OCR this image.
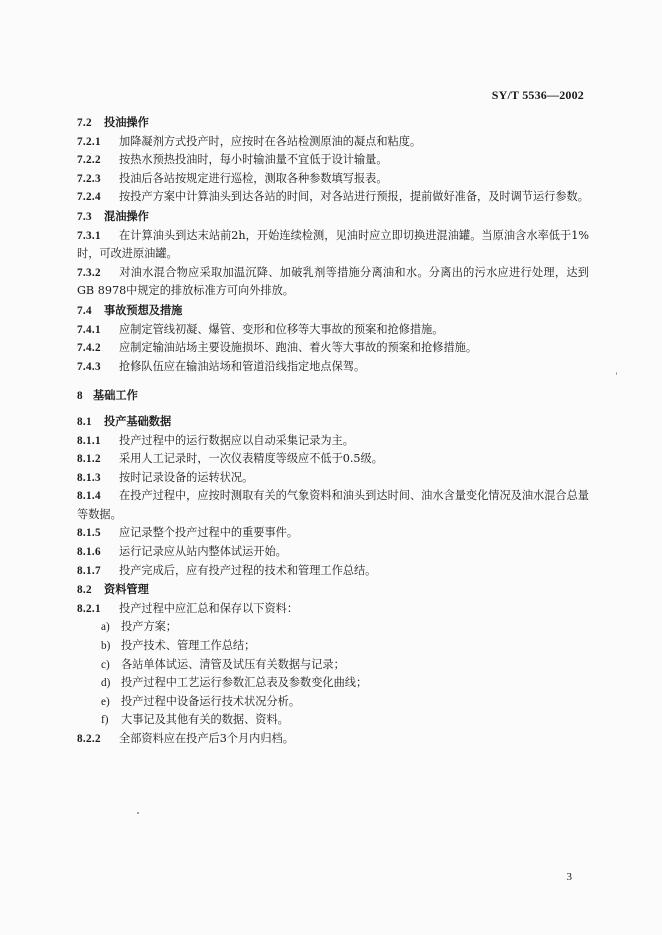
SY/T 5536—2002
7.2 投油操作
7.2.1 加降凝剂方式投产时，应按时在各站检测原油的凝点和粘度。
7.2.2 按热水预热投油时，每小时输油量不宜低于设计输量。
7.2.3 投油后各站按规定进行巡检，测取各种参数填写报表。
7.2.4 按投产方案中计算油头到达各站的时间，对各站进行预报，提前做好准备，及时调节运行参数。
7.3 混油操作
7.3.1 在计算油头到达末站前2h，开始连续检测，见油时应立即切换进混油罐。当原油含水率低于1%时，可改进原油罐。
7.3.2 对油水混合物应采取加温沉降、加破乳剂等措施分离油和水。分离出的污水应进行处理，达到GB 8978中规定的排放标准方可向外排放。
7.4 事故预想及措施
7.4.1 应制定管线初凝、爆管、变形和位移等大事故的预案和抢修措施。
7.4.2 应制定输油站场主要设施损坏、跑油、着火等大事故的预案和抢修措施。
7.4.3 抢修队伍应在输油站场和管道沿线指定地点保驾。
8 基础工作
8.1 投产基础数据
8.1.1 投产过程中的运行数据应以自动采集记录为主。
8.1.2 采用人工记录时，一次仪表精度等级应不低于0.5级。
8.1.3 按时记录设备的运转状况。
8.1.4 在投产过程中，应按时测取有关的气象资料和油头到达时间、油水含量变化情况及油水混合总量等数据。
8.1.5 应记录整个投产过程中的重要事件。
8.1.6 运行记录应从站内整体试运开始。
8.1.7 投产完成后，应有投产过程的技术和管理工作总结。
8.2 资料管理
8.2.1 投产过程中应汇总和保存以下资料：
a) 投产方案；
b) 投产技术、管理工作总结；
c) 各站单体试运、清管及试压有关数据与记录；
d) 投产过程中工艺运行参数汇总表及参数变化曲线；
e) 投产过程中设备运行技术状况分析。
f) 大事记及其他有关的数据、资料。
8.2.2 全部资料应在投产后3个月内归档。
3
